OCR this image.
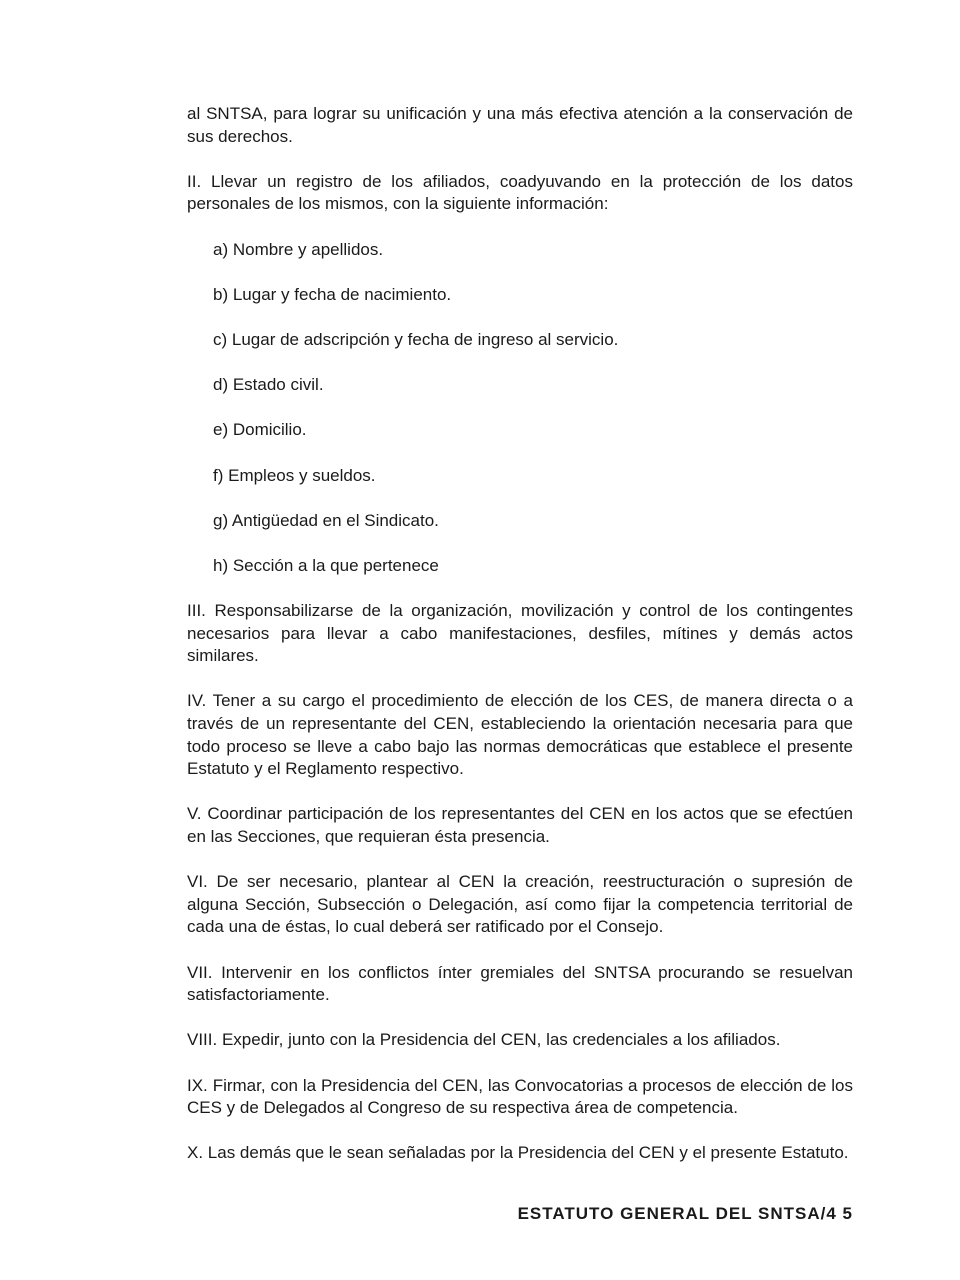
al SNTSA, para lograr su unificación y una más efectiva atención a la conservación de sus derechos.

II. Llevar un registro de los afiliados, coadyuvando en la protección de los datos personales de los mismos, con la siguiente información:

a) Nombre y apellidos.
b) Lugar y fecha de nacimiento.
c) Lugar de adscripción y fecha de ingreso al servicio.
d) Estado civil.
e) Domicilio.
f) Empleos y sueldos.
g) Antigüedad en el Sindicato.
h) Sección a la que pertenece

III. Responsabilizarse de la organización, movilización y control de los contingentes necesarios para llevar a cabo manifestaciones, desfiles, mítines y demás actos similares.

IV. Tener a su cargo el procedimiento de elección de los CES, de manera directa o a través de un representante del CEN, estableciendo la orientación necesaria para que todo proceso se lleve a cabo bajo las normas democráticas que establece el presente Estatuto y el Reglamento respectivo.

V. Coordinar participación de los representantes del CEN en los actos que se efectúen en las Secciones, que requieran ésta presencia.

VI. De ser necesario, plantear al CEN la creación, reestructuración o supresión de alguna Sección, Subsección o Delegación, así como fijar la competencia territorial de cada una de éstas, lo cual deberá ser ratificado por el Consejo.

VII. Intervenir en los conflictos ínter gremiales del SNTSA procurando se resuelvan satisfactoriamente.

VIII. Expedir, junto con la Presidencia del CEN, las credenciales a los afiliados.

IX. Firmar, con la Presidencia del CEN, las Convocatorias a procesos de elección de los CES y de Delegados al Congreso de su respectiva área de competencia.

X. Las demás que le sean señaladas por la Presidencia del CEN y el presente Estatuto.

ESTATUTO GENERAL DEL SNTSA/4 5
